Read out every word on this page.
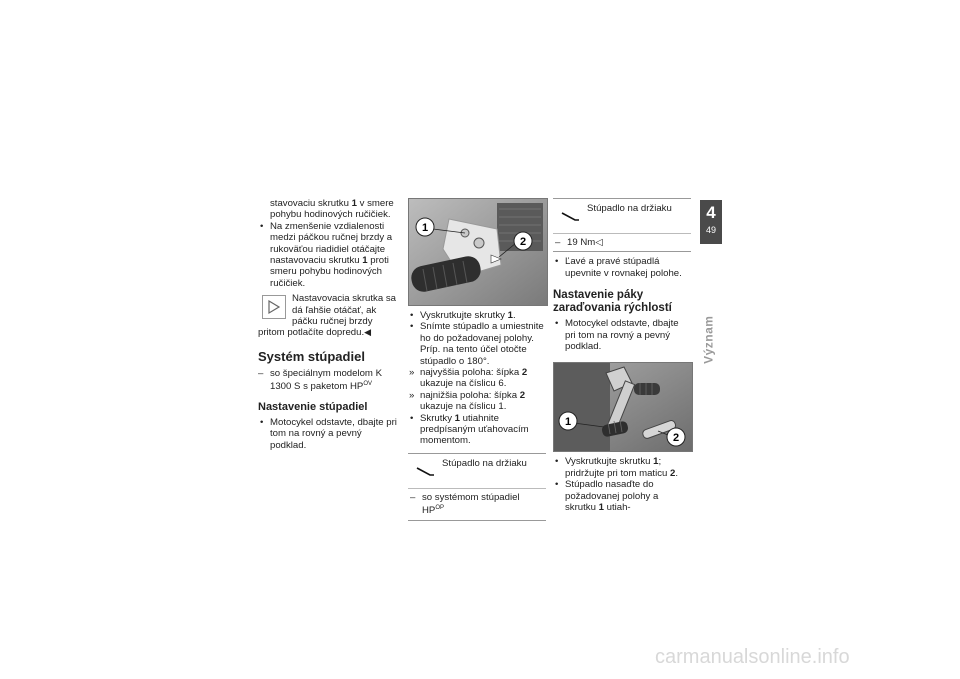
stavovaciu skrutku 1 v smere pohybu hodinových ručičiek.

• Na zmenšenie vzdialenosti medzi páčkou ručnej brzdy a rukoväťou riadidiel otáčajte nastavovaciu skrutku 1 proti smeru pohybu hodinových ručičiek.

Nastavovacia skrutka sa dá ľahšie otáčať, ak páčku ručnej brzdy pritom potlačíte dopredu.◀
Systém stúpadiel

– so špeciálnym modelom K 1300 S s paketom $HP^{OV}$

Nastavenie stúpadiel

• Motocykel odstavte, dbajte pri tom na rovný a pevný podklad.

1
2

• Vyskrutkujte skrutky 1.

• Snímte stúpadlo a umiestnite ho do požadovanej polohy. Príp. na tento účel otočte stúpadlo o 180°.

» najvyššia poloha: šípka 2 ukazuje na číslicu 6.

» najnižšia poloha: šípka 2 ukazuje na číslicu 1.

• Skrutky 1 utiahnite predpísaným uťahovacím momentom.

Stúpadlo na držiaku

– so systémom stúpadiel $HP^{OP}$

Stúpadlo na držiaku

– 19 Nm◁

• Ľavé a pravé stúpadlá upevnite v rovnakej polohe.

Nastavenie páky zaraďovania rýchlostí

• Motocykel odstavte, dbajte pri tom na rovný a pevný podklad.

1
2

• Vyskrutkujte skrutku 1; pridržujte pri tom maticu 2.

• Stúpadlo nasaďte do požadovanej polohy a skrutku 1 utiah-

4
49
Význam
carmanualsonline.info
